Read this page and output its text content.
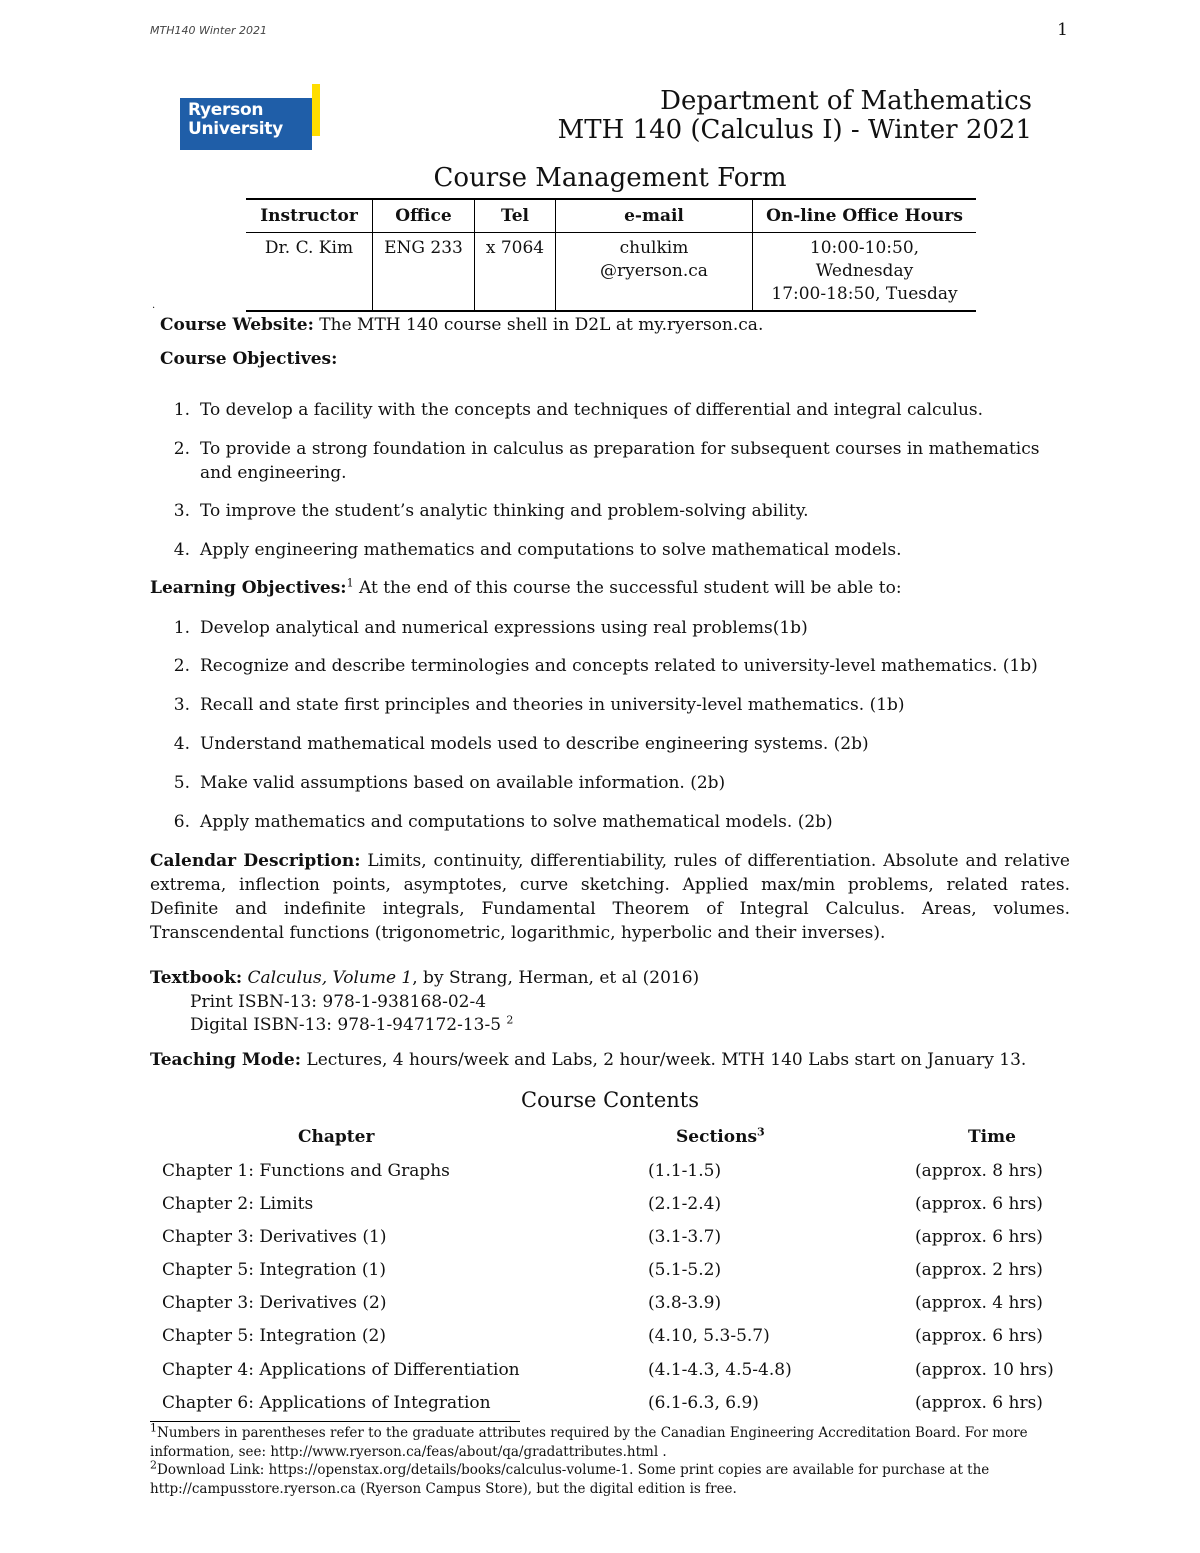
MTH140 Winter 2021	1
Ryerson
University
Department of Mathematics
MTH 140 (Calculus I) - Winter 2021
Course Management Form
Instructor	Office	Tel	e-mail	On-line Office Hours
Dr. C. Kim	ENG 233	x 7064	chulkim @ryerson.ca	10:00-10:50, Wednesday
17:00-18:50, Tuesday
.
Course Website: The MTH 140 course shell in D2L at my.ryerson.ca.
Course Objectives:
1. To develop a facility with the concepts and techniques of differential and integral calculus.
2. To provide a strong foundation in calculus as preparation for subsequent courses in mathematics and engineering.
3. To improve the student’s analytic thinking and problem-solving ability.
4. Apply engineering mathematics and computations to solve mathematical models.
Learning Objectives:$^1$ At the end of this course the successful student will be able to:
1. Develop analytical and numerical expressions using real problems(1b)
2. Recognize and describe terminologies and concepts related to university-level mathematics. (1b)
3. Recall and state first principles and theories in university-level mathematics. (1b)
4. Understand mathematical models used to describe engineering systems. (2b)
5. Make valid assumptions based on available information. (2b)
6. Apply mathematics and computations to solve mathematical models. (2b)
Calendar Description: Limits, continuity, differentiability, rules of differentiation. Absolute and relative extrema, inflection points, asymptotes, curve sketching. Applied max/min problems, related rates. Definite and indefinite integrals, Fundamental Theorem of Integral Calculus. Areas, volumes. Transcendental functions (trigonometric, logarithmic, hyperbolic and their inverses).
Textbook: Calculus, Volume 1, by Strang, Herman, et al (2016)
Print ISBN-13: 978-1-938168-02-4
Digital ISBN-13: 978-1-947172-13-5 $^2$
Teaching Mode: Lectures, 4 hours/week and Labs, 2 hour/week. MTH 140 Labs start on January 13.
Course Contents
Chapter	Sections$^3$	Time
Chapter 1: Functions and Graphs	(1.1-1.5)	(approx. 8 hrs)
Chapter 2: Limits	(2.1-2.4)	(approx. 6 hrs)
Chapter 3: Derivatives (1)	(3.1-3.7)	(approx. 6 hrs)
Chapter 5: Integration (1)	(5.1-5.2)	(approx. 2 hrs)
Chapter 3: Derivatives (2)	(3.8-3.9)	(approx. 4 hrs)
Chapter 5: Integration (2)	(4.10, 5.3-5.7)	(approx. 6 hrs)
Chapter 4: Applications of Differentiation	(4.1-4.3, 4.5-4.8)	(approx. 10 hrs)
Chapter 6: Applications of Integration	(6.1-6.3, 6.9)	(approx. 6 hrs)
$^1$Numbers in parentheses refer to the graduate attributes required by the Canadian Engineering Accreditation Board. For more information, see: http://www.ryerson.ca/feas/about/qa/gradattributes.html .
$^2$Download Link: https://openstax.org/details/books/calculus-volume-1. Some print copies are available for purchase at the http://campusstore.ryerson.ca (Ryerson Campus Store), but the digital edition is free.
